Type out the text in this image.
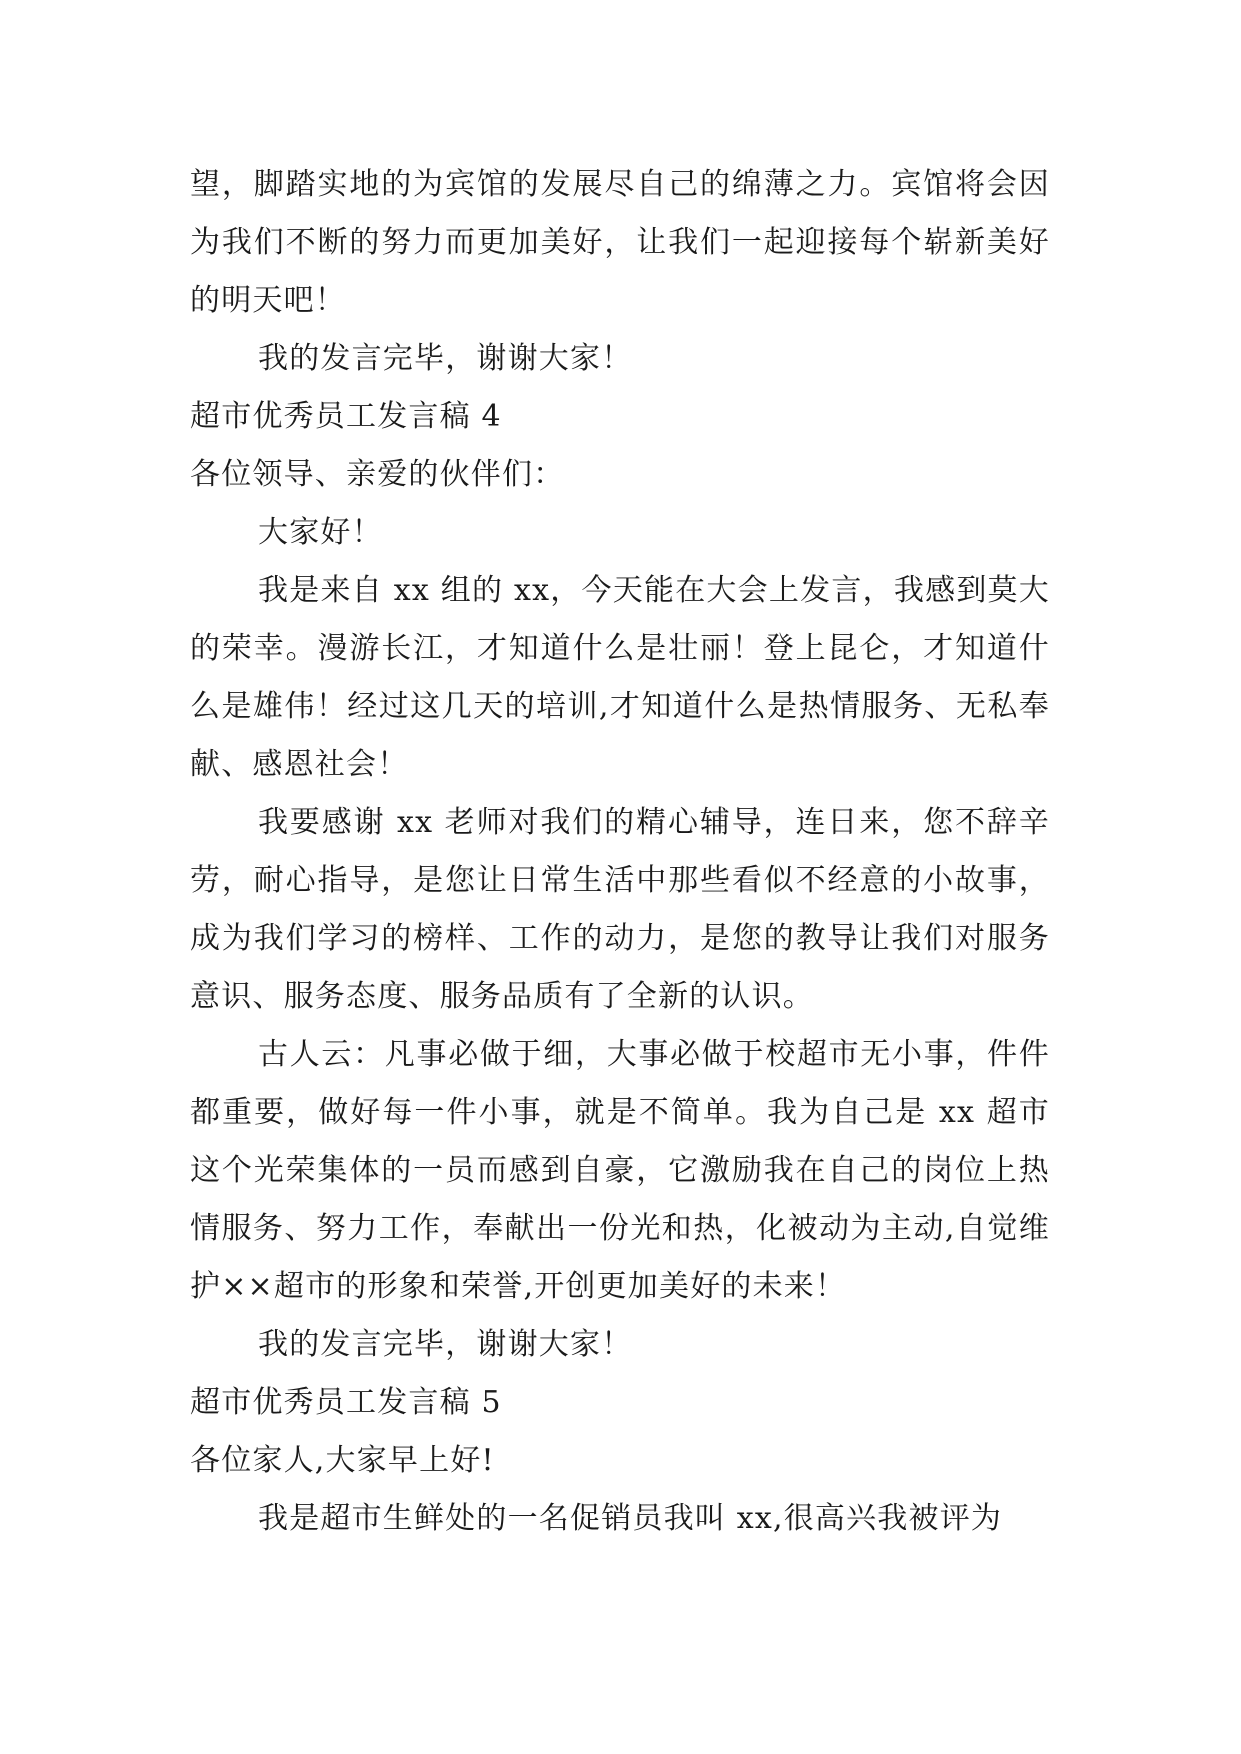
望，脚踏实地的为宾馆的发展尽自己的绵薄之力。宾馆将会因为我们不断的努力而更加美好，让我们一起迎接每个崭新美好的明天吧！

我的发言完毕，谢谢大家！

超市优秀员工发言稿 4

各位领导、亲爱的伙伴们：

大家好！

我是来自 xx 组的 xx，今天能在大会上发言，我感到莫大的荣幸。漫游长江，才知道什么是壮丽！登上昆仑，才知道什么是雄伟！经过这几天的培训,才知道什么是热情服务、无私奉献、感恩社会！

我要感谢 xx 老师对我们的精心辅导，连日来，您不辞辛劳，耐心指导，是您让日常生活中那些看似不经意的小故事，成为我们学习的榜样、工作的动力，是您的教导让我们对服务意识、服务态度、服务品质有了全新的认识。

古人云：凡事必做于细，大事必做于校超市无小事，件件都重要，做好每一件小事，就是不简单。我为自己是 xx 超市这个光荣集体的一员而感到自豪，它激励我在自己的岗位上热情服务、努力工作，奉献出一份光和热，化被动为主动,自觉维护××超市的形象和荣誉,开创更加美好的未来！

我的发言完毕，谢谢大家！

超市优秀员工发言稿 5

各位家人,大家早上好!

我是超市生鲜处的一名促销员我叫 xx,很高兴我被评为
